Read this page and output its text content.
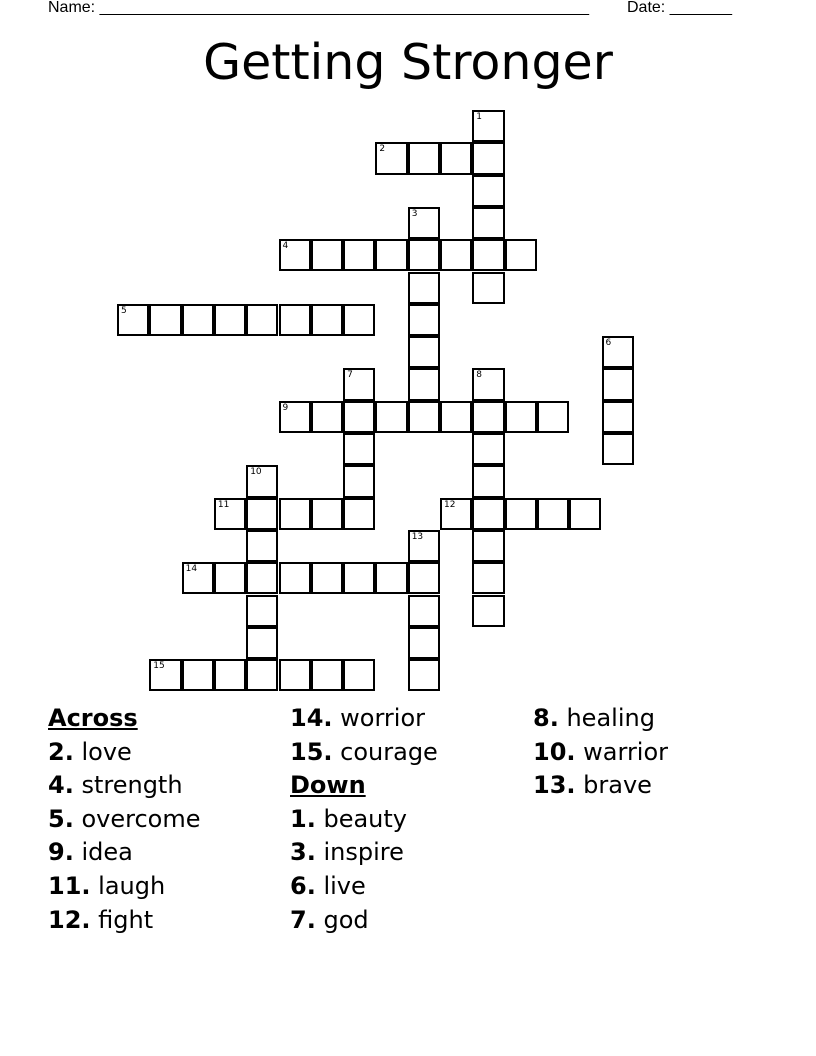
Name: _______________________________________________________ Date: _______
Getting Stronger
1
2
3
4
5
6
7	8
9
10
11	12
13
14
15
Across
2. love
4. strength
5. overcome
9. idea
11. laugh
12. fight
14. worrior
15. courage
Down
1. beauty
3. inspire
6. live
7. god
8. healing
10. warrior
13. brave
